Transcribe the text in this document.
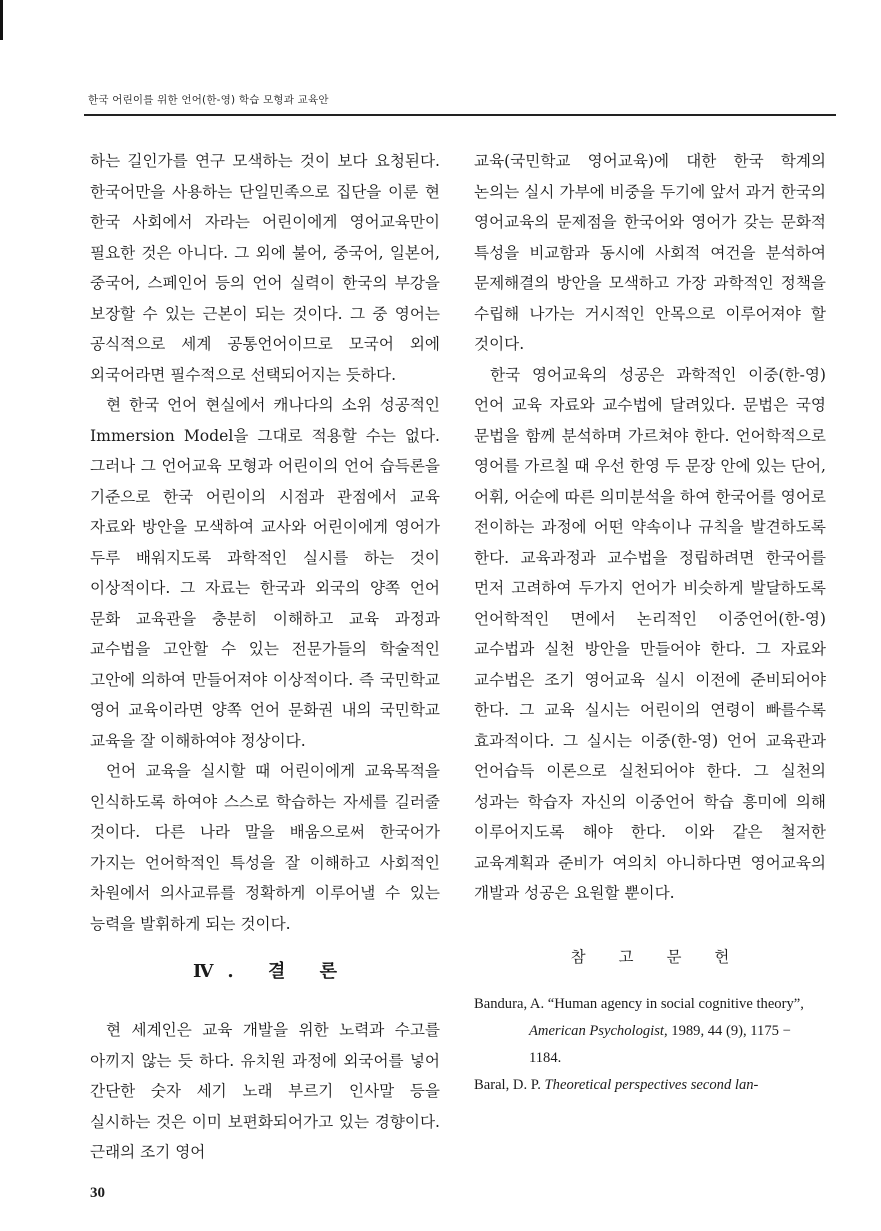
한국 어린이를 위한 언어(한-영) 학습 모형과 교육안

하는 길인가를 연구 모색하는 것이 보다 요청된다. 한국어만을 사용하는 단일민족으로 집단을 이룬 현 한국 사회에서 자라는 어린이에게 영어교육만이 필요한 것은 아니다. 그 외에 불어, 중국어, 일본어, 중국어, 스페인어 등의 언어 실력이 한국의 부강을 보장할 수 있는 근본이 되는 것이다. 그 중 영어는 공식적으로 세계 공통언어이므로 모국어 외에 외국어라면 필수적으로 선택되어지는 듯하다.

현 한국 언어 현실에서 캐나다의 소위 성공적인 Immersion Model을 그대로 적용할 수는 없다. 그러나 그 언어교육 모형과 어린이의 언어 습득론을 기준으로 한국 어린이의 시점과 관점에서 교육 자료와 방안을 모색하여 교사와 어린이에게 영어가 두루 배워지도록 과학적인 실시를 하는 것이 이상적이다. 그 자료는 한국과 외국의 양쪽 언어 문화 교육관을 충분히 이해하고 교육 과정과 교수법을 고안할 수 있는 전문가들의 학술적인 고안에 의하여 만들어져야 이상적이다. 즉 국민학교 영어 교육이라면 양쪽 언어 문화권 내의 국민학교 교육을 잘 이해하여야 정상이다.

언어 교육을 실시할 때 어린이에게 교육목적을 인식하도록 하여야 스스로 학습하는 자세를 길러줄 것이다. 다른 나라 말을 배움으로써 한국어가 가지는 언어학적인 특성을 잘 이해하고 사회적인 차원에서 의사교류를 정확하게 이루어낼 수 있는 능력을 발휘하게 되는 것이다.

Ⅳ. 결 론

현 세계인은 교육 개발을 위한 노력과 수고를 아끼지 않는 듯 하다. 유치원 과정에 외국어를 넣어 간단한 숫자 세기 노래 부르기 인사말 등을 실시하는 것은 이미 보편화되어가고 있는 경향이다. 근래의 조기 영어

교육(국민학교 영어교육)에 대한 한국 학계의 논의는 실시 가부에 비중을 두기에 앞서 과거 한국의 영어교육의 문제점을 한국어와 영어가 갖는 문화적 특성을 비교함과 동시에 사회적 여건을 분석하여 문제해결의 방안을 모색하고 가장 과학적인 정책을 수립해 나가는 거시적인 안목으로 이루어져야 할 것이다.

한국 영어교육의 성공은 과학적인 이중(한-영)언어 교육 자료와 교수법에 달려있다. 문법은 국영 문법을 함께 분석하며 가르쳐야 한다. 언어학적으로 영어를 가르칠 때 우선 한영 두 문장 안에 있는 단어, 어휘, 어순에 따른 의미분석을 하여 한국어를 영어로 전이하는 과정에 어떤 약속이나 규칙을 발견하도록 한다. 교육과정과 교수법을 정립하려면 한국어를 먼저 고려하여 두가지 언어가 비슷하게 발달하도록 언어학적인 면에서 논리적인 이중언어(한-영) 교수법과 실천 방안을 만들어야 한다. 그 자료와 교수법은 조기 영어교육 실시 이전에 준비되어야 한다. 그 교육 실시는 어린이의 연령이 빠를수록 효과적이다. 그 실시는 이중(한-영) 언어 교육관과 언어습득 이론으로 실천되어야 한다. 그 실천의 성과는 학습자 자신의 이중언어 학습 흥미에 의해 이루어지도록 해야 한다. 이와 같은 철저한 교육계획과 준비가 여의치 아니하다면 영어교육의 개발과 성공은 요원할 뿐이다.

참 고 문 헌

Bandura, A. “Human agency in social cognitive theory”, American Psychologist, 1989, 44 (9), 1175 − 1184.

Baral, D. P. Theoretical perspectives second lan-

30
